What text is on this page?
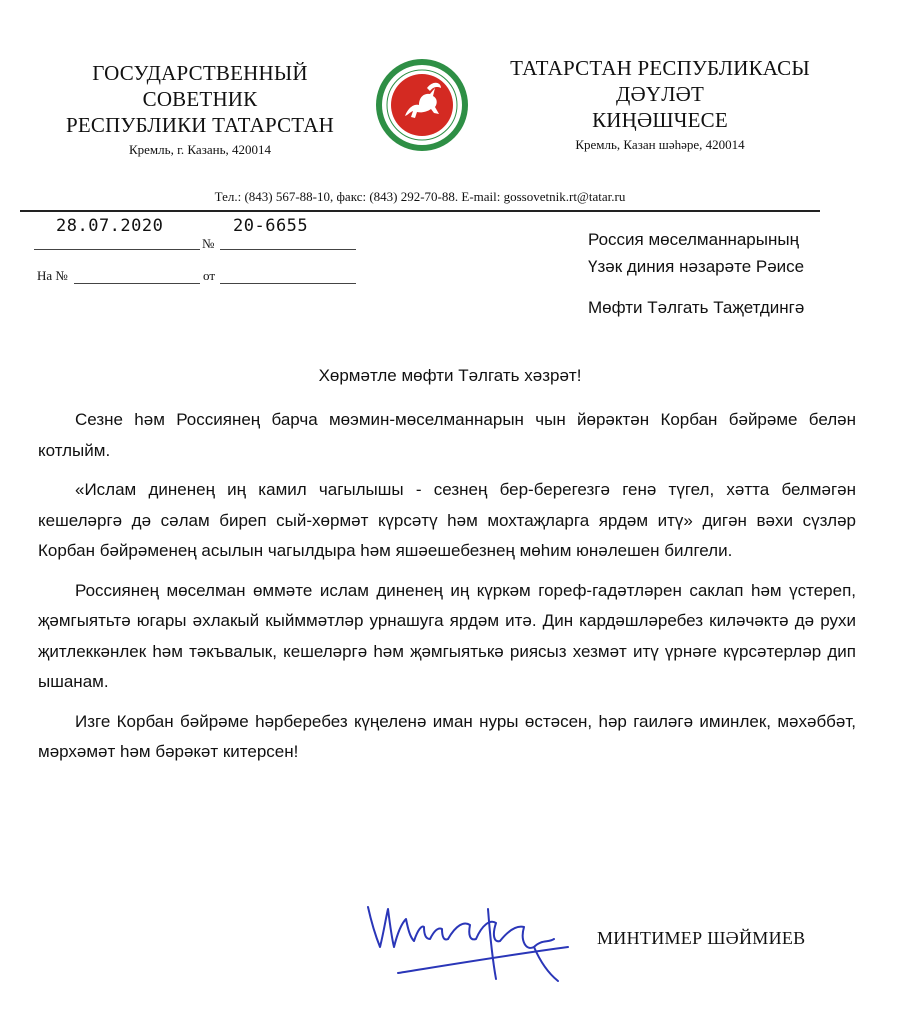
ГОСУДАРСТВЕННЫЙ
СОВЕТНИК
РЕСПУБЛИКИ ТАТАРСТАН
Кремль, г. Казань, 420014
ТАТАРСТАН РЕСПУБЛИКАСЫ
ДӘҮЛӘТ
КИҢӘШЧЕСЕ
Кремль, Казан шәһәре, 420014
Тел.: (843) 567-88-10, факс: (843) 292-70-88. E-mail: gossovetnik.rt@tatar.ru
28.07.2020	20-6655
№
На №	от
Россия мөселманнарының
Үзәк диния нәзарәте Рәисе
Мөфти Тәлгать Таҗетдингә
Хөрмәтле мөфти Тәлгать хәзрәт!

Сезне һәм Россиянең барча мөэмин-мөселманнарын чын йөрәктән Корбан бәйрәме белән котлыйм.

«Ислам диненең иң камил чагылышы - сезнең бер-берегезгә генә түгел, хәтта белмәгән кешеләргә дә сәлам биреп сый-хөрмәт күрсәтү һәм мохтаҗларга ярдәм итү» дигән вәхи сүзләр Корбан бәйрәменең асылын чагылдыра һәм яшәешебезнең мөһим юнәлешен билгели.

Россиянең мөселман өммәте ислам диненең иң күркәм гореф-гадәтләрен саклап һәм үстереп, җәмгыятьтә югары әхлакый кыйммәтләр урнашуга ярдәм итә. Дин кардәшләребез киләчәктә дә рухи җитлеккәнлек һәм тәкъвалык, кешеләргә һәм җәмгыятькә риясыз хезмәт итү үрнәге күрсәтерләр дип ышанам.

Изге Корбан бәйрәме һәрберебез күңеленә иман нуры өстәсен, һәр гаиләгә иминлек, мәхәббәт, мәрхәмәт һәм бәрәкәт китерсен!

МИНТИМЕР ШӘЙМИЕВ
